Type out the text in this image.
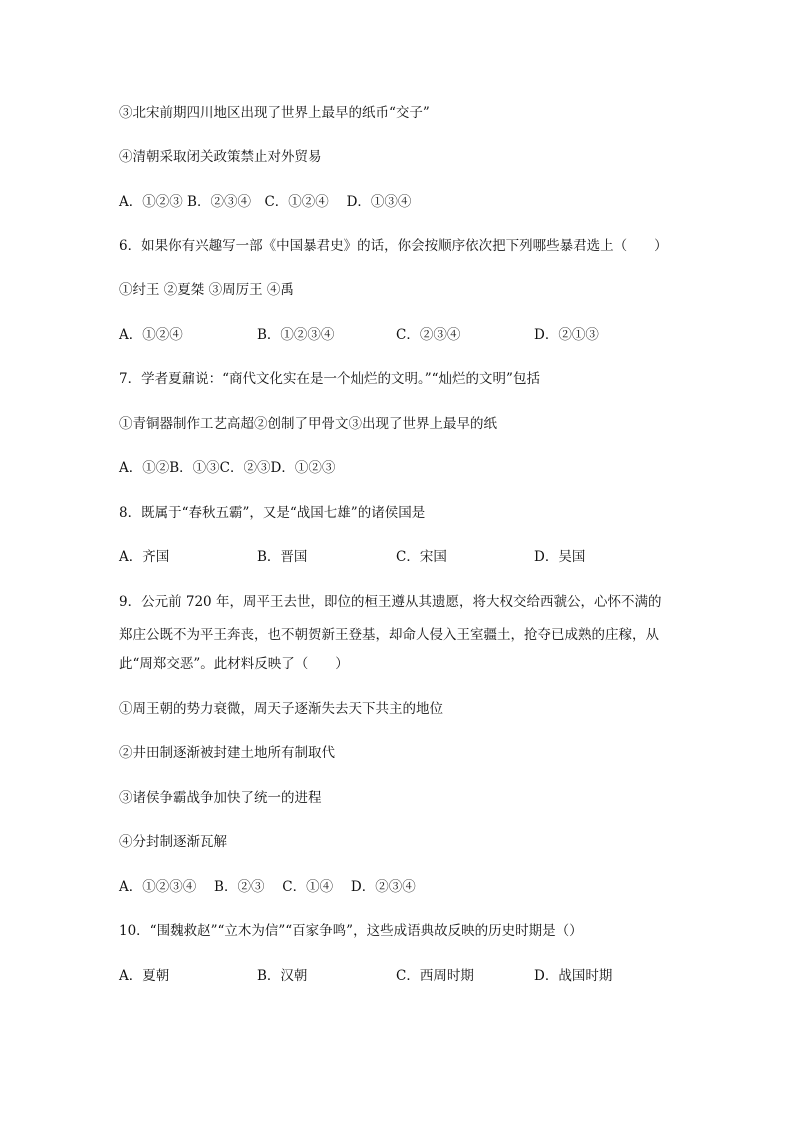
③北宋前期四川地区出现了世界上最早的纸币“交子”
④清朝采取闭关政策禁止对外贸易
A．①②③ B．②③④　C．①②④　 D．①③④
6．如果你有兴趣写一部《中国暴君史》的话，你会按顺序依次把下列哪些暴君选上（　　）
①纣王 ②夏桀 ③周厉王 ④禹
A．①②④	B．①②③④	C．②③④	D．②①③
7．学者夏鼐说：“商代文化实在是一个灿烂的文明。”“灿烂的文明”包括
①青铜器制作工艺高超②创制了甲骨文③出现了世界上最早的纸
A．①②B．①③C．②③D．①②③
8．既属于“春秋五霸”，又是“战国七雄”的诸侯国是
A．齐国	B．晋国	C．宋国	D．吴国
9．公元前 720 年，周平王去世，即位的桓王遵从其遗愿，将大权交给西虢公，心怀不满的
郑庄公既不为平王奔丧，也不朝贺新王登基，却命人侵入王室疆土，抢夺已成熟的庄稼，从
此“周郑交恶”。此材料反映了（　　）
①周王朝的势力衰微，周天子逐渐失去天下共主的地位
②井田制逐渐被封建土地所有制取代
③诸侯争霸战争加快了统一的进程
④分封制逐渐瓦解
A．①②③④　 B．②③　 C．①④　 D．②③④
10．“围魏救赵”“立木为信”“百家争鸣”，这些成语典故反映的历史时期是（）
A．夏朝	B．汉朝	C．西周时期	D．战国时期
